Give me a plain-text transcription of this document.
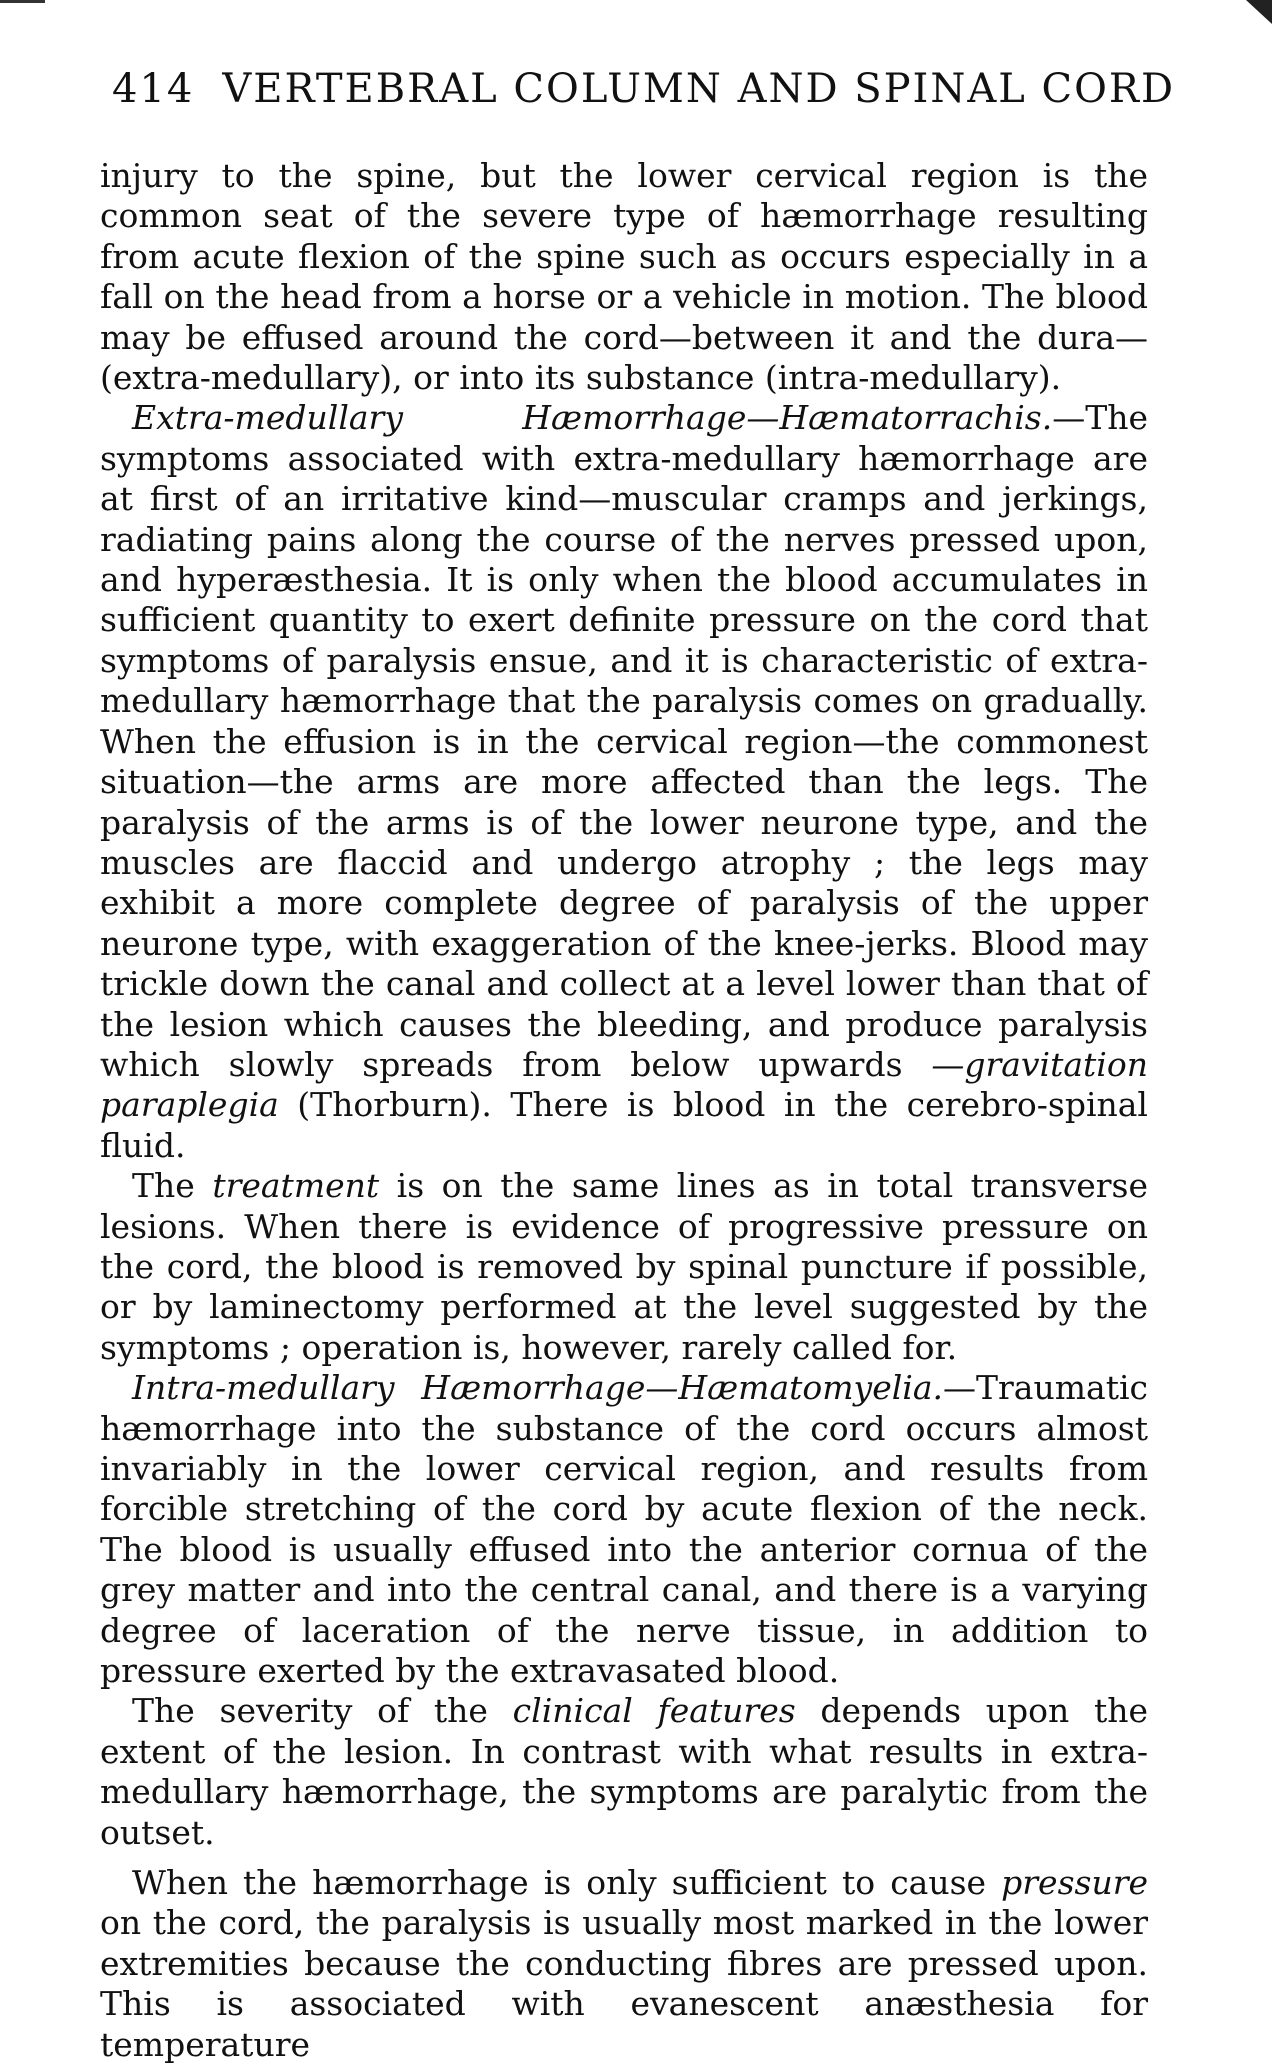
414 VERTEBRAL COLUMN AND SPINAL CORD

injury to the spine, but the lower cervical region is the common seat of the severe type of hæmorrhage resulting from acute flexion of the spine such as occurs especially in a fall on the head from a horse or a vehicle in motion. The blood may be effused around the cord—between it and the dura—(extra-medullary), or into its substance (intra-medullary).

Extra-medullary Hæmorrhage—Hæmatorrachis.—The symptoms associated with extra-medullary hæmorrhage are at first of an irritative kind—muscular cramps and jerkings, radiating pains along the course of the nerves pressed upon, and hyperæsthesia. It is only when the blood accumulates in sufficient quantity to exert definite pressure on the cord that symptoms of paralysis ensue, and it is characteristic of extra-medullary hæmorrhage that the paralysis comes on gradually. When the effusion is in the cervical region—the commonest situation—the arms are more affected than the legs. The paralysis of the arms is of the lower neurone type, and the muscles are flaccid and undergo atrophy ; the legs may exhibit a more complete degree of paralysis of the upper neurone type, with exaggeration of the knee-jerks. Blood may trickle down the canal and collect at a level lower than that of the lesion which causes the bleeding, and produce paralysis which slowly spreads from below upwards —gravitation paraplegia (Thorburn). There is blood in the cerebro-spinal fluid.

The treatment is on the same lines as in total transverse lesions. When there is evidence of progressive pressure on the cord, the blood is removed by spinal puncture if possible, or by laminectomy performed at the level suggested by the symptoms ; operation is, however, rarely called for.

Intra-medullary Hæmorrhage—Hæmatomyelia.—Traumatic hæmorrhage into the substance of the cord occurs almost invariably in the lower cervical region, and results from forcible stretching of the cord by acute flexion of the neck. The blood is usually effused into the anterior cornua of the grey matter and into the central canal, and there is a varying degree of laceration of the nerve tissue, in addition to pressure exerted by the extravasated blood.

The severity of the clinical features depends upon the extent of the lesion. In contrast with what results in extra-medullary hæmorrhage, the symptoms are paralytic from the outset.

When the hæmorrhage is only sufficient to cause pressure on the cord, the paralysis is usually most marked in the lower extremities because the conducting fibres are pressed upon. This is associated with evanescent anæsthesia for temperature
